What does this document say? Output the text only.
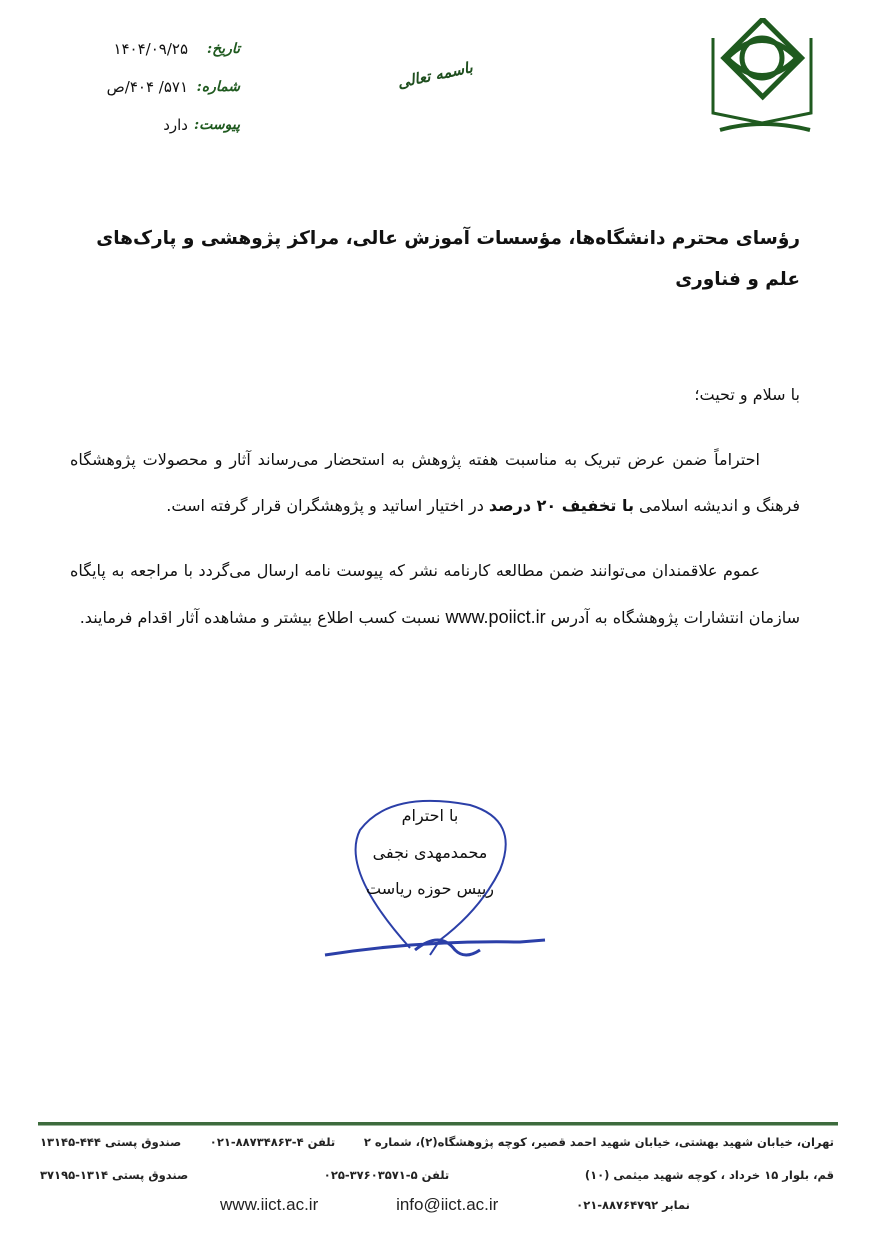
باسمه تعالی
تاریخ:
۱۴۰۴/۰۹/۲۵
شماره:
۵۷۱/ ۴۰۴/ص
پیوست:
دارد
رؤسای محترم دانشگاه‌ها، مؤسسات آموزش عالی، مراکز پژوهشی و پارک‌های علم و فناوری
با سلام و تحیت؛
احتراماً ضمن عرض تبریک به مناسبت هفته پژوهش به استحضار می‌رساند آثار و محصولات پژوهشگاه فرهنگ و اندیشه اسلامی با تخفیف ۲۰ درصد در اختیار اساتید و پژوهشگران قرار گرفته است.
عموم علاقمندان می‌توانند ضمن مطالعه کارنامه نشر که پیوست نامه ارسال می‌گردد با مراجعه به پایگاه سازمان انتشارات پژوهشگاه به آدرس www.poiict.ir نسبت کسب اطلاع بیشتر و مشاهده آثار اقدام فرمایند.
با احترام
محمدمهدی نجفی
رییس حوزه ریاست
تهران، خیابان شهید بهشتی، خیابان شهید احمد قصیر، کوچه پژوهشگاه(۲)، شماره ۲
تلفن ۴-۸۸۷۳۴۸۶۳-۰۲۱
صندوق پستی ۴۴۴-۱۳۱۴۵
قم، بلوار ۱۵ خرداد ، کوچه شهید میثمی (۱۰)
تلفن ۵-۳۷۶۰۳۵۷۱-۰۲۵
صندوق پستی ۱۳۱۴-۳۷۱۹۵
نمابر ۸۸۷۶۴۷۹۲-۰۲۱
info@iict.ac.ir
www.iict.ac.ir
